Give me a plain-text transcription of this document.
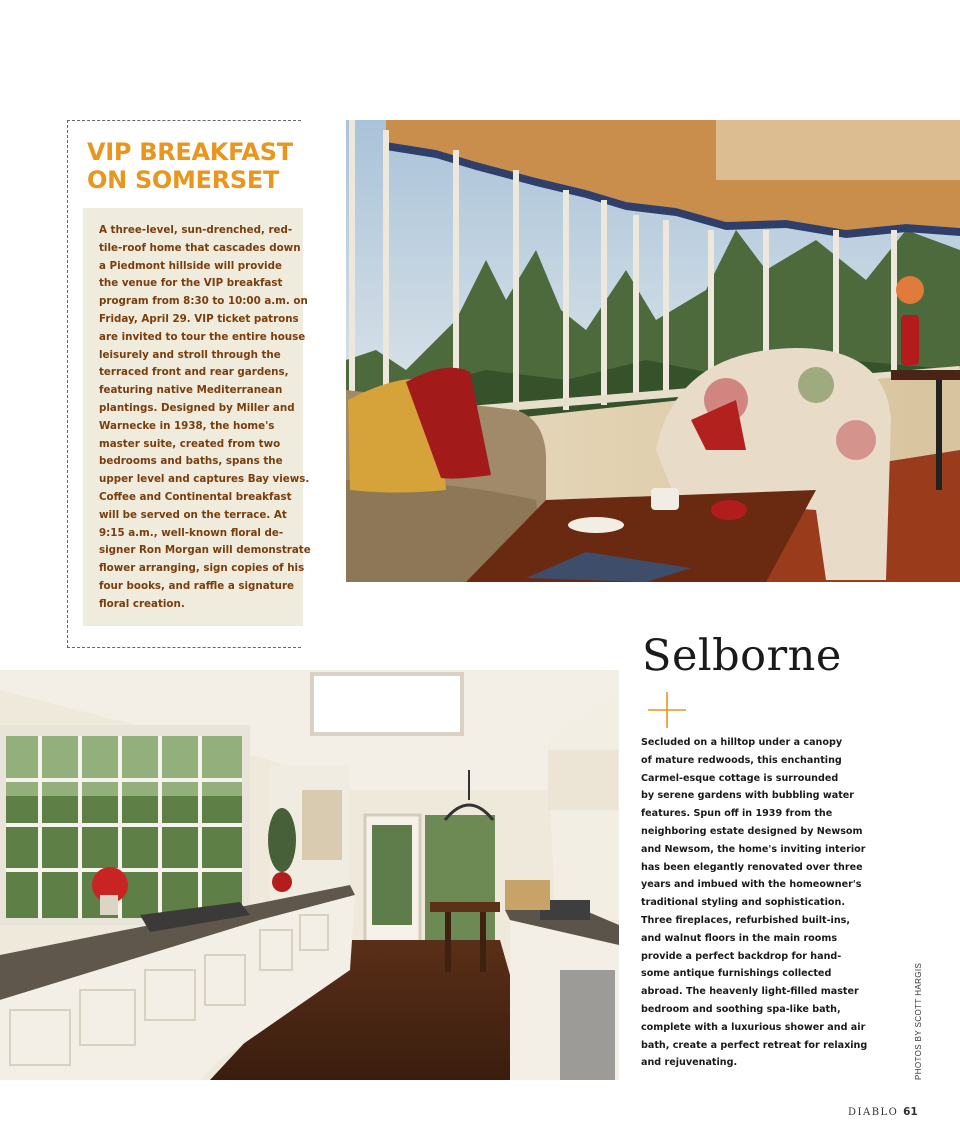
VIP BREAKFAST
ON SOMERSET
A three-level, sun-drenched, red-
tile-roof home that cascades down
a Piedmont hillside will provide
the venue for the VIP breakfast
program from 8:30 to 10:00 a.m. on
Friday, April 29. VIP ticket patrons
are invited to tour the entire house
leisurely and stroll through the
terraced front and rear gardens,
featuring native Mediterranean
plantings. Designed by Miller and
Warnecke in 1938, the home's
master suite, created from two
bedrooms and baths, spans the
upper level and captures Bay views.
Coffee and Continental breakfast
will be served on the terrace. At
9:15 a.m., well-known floral de-
signer Ron Morgan will demonstrate
flower arranging, sign copies of his
four books, and raffle a signature
floral creation.
Selborne
Secluded on a hilltop under a canopy
of mature redwoods, this enchanting
Carmel-esque cottage is surrounded
by serene gardens with bubbling water
features. Spun off in 1939 from the
neighboring estate designed by Newsom
and Newsom, the home's inviting interior
has been elegantly renovated over three
years and imbued with the homeowner's
traditional styling and sophistication.
Three fireplaces, refurbished built-ins,
and walnut floors in the main rooms
provide a perfect backdrop for hand-
some antique furnishings collected
abroad. The heavenly light-filled master
bedroom and soothing spa-like bath,
complete with a luxurious shower and air
bath, create a perfect retreat for relaxing
and rejuvenating.	PHOTOS BY SCOTT HARGIS
DIABLO 61
